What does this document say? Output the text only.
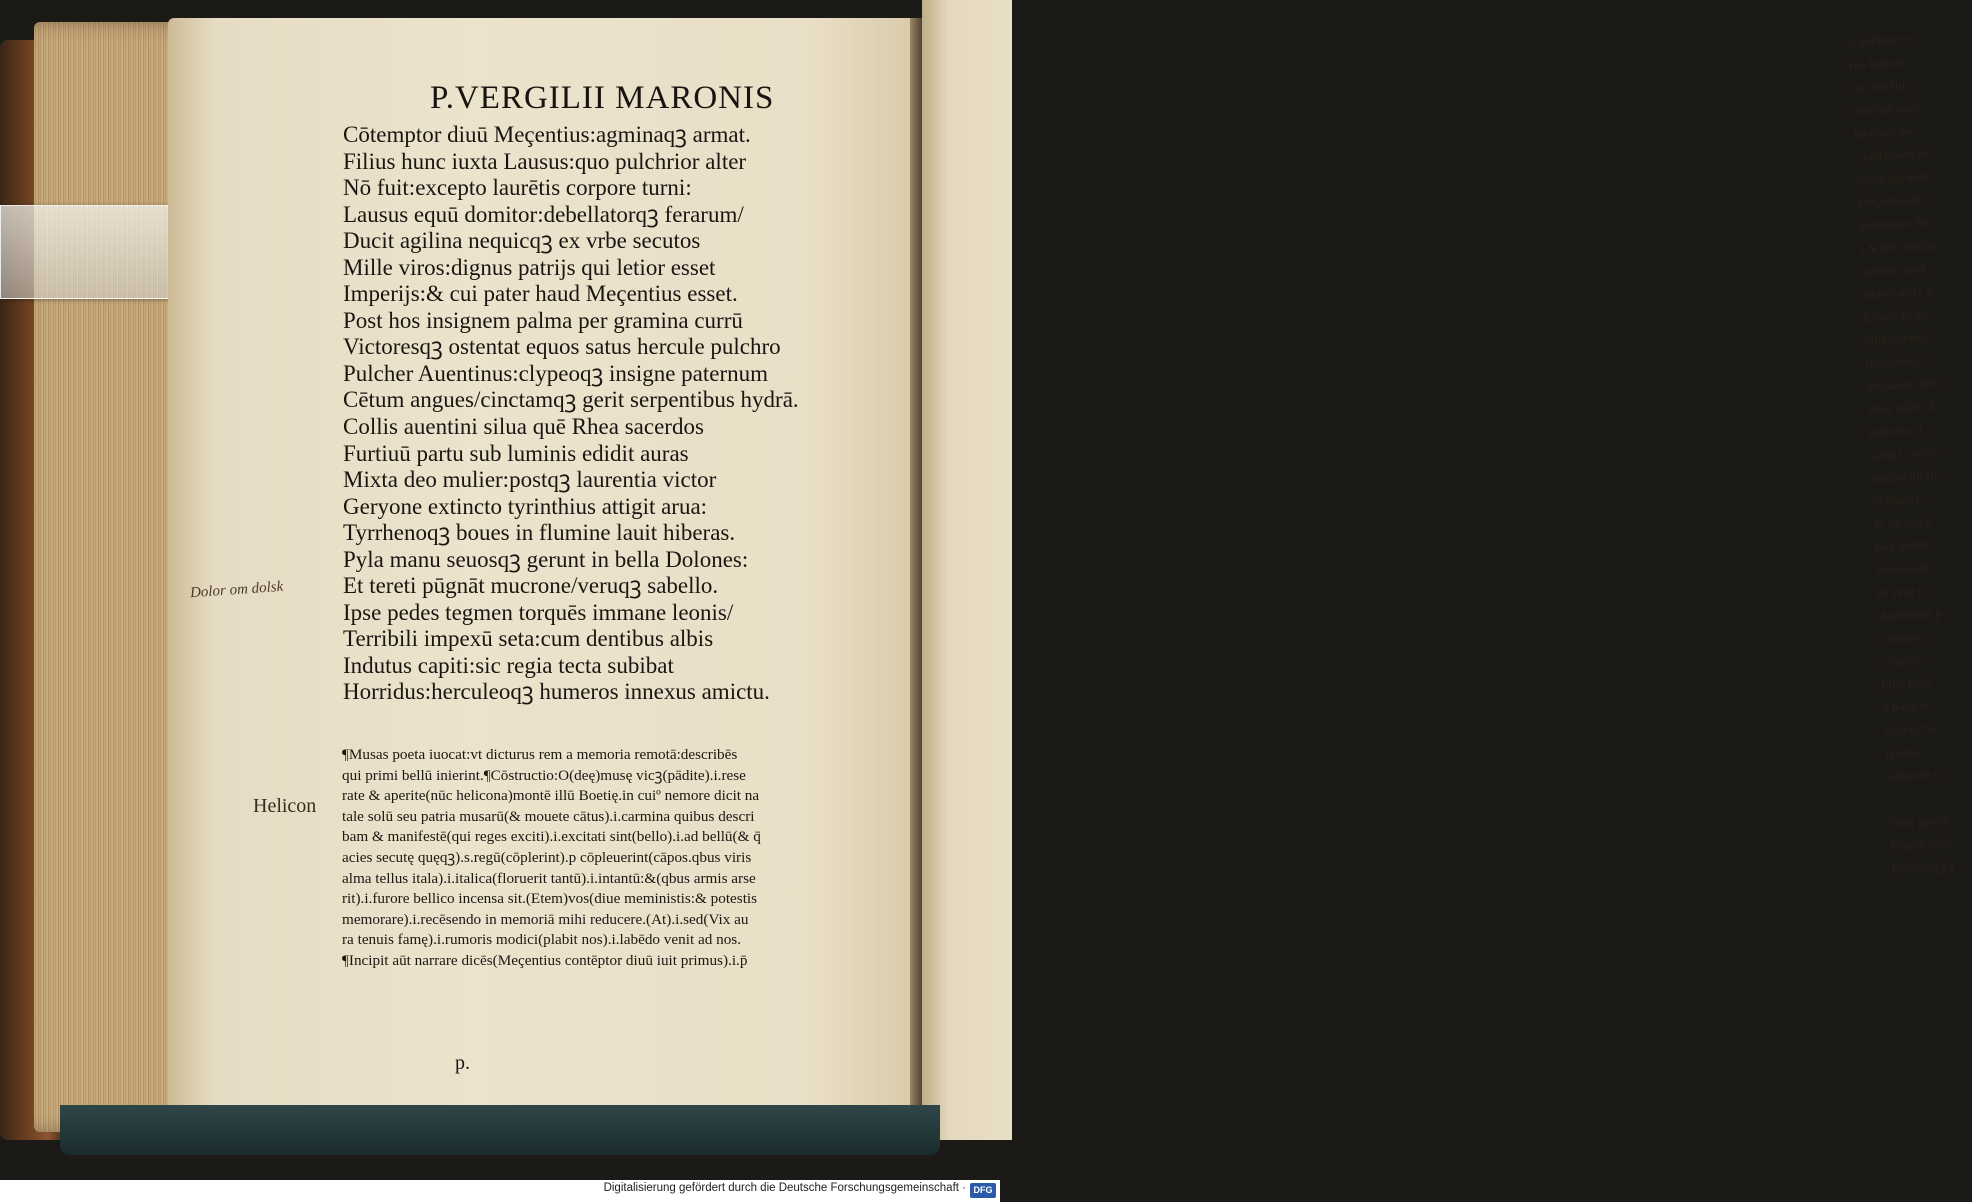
o bellum,ex
rus hetrusc
ter non fuit
domitor equi
iuentum pa
s bella.nam in
ignus qui esse
Meçentius)h
ontemptor dīu
s & decorus(sa
ostentat post
victoria(per g
ictores Et ge
ntis(paternū
rpentibus.C
sub auras lum
silua collis A
extincto).i.
(arua).i.italic
ranicas)in flu
la manu).
& sarisse n
pter indulo
dolose inf
& veru s
Auentinus p
i.sustine
i.implic
bilis indu
s tecta re
amictu he
quidec
adiacent:v
Tum gemin
Fratris tybu
Catillusqꝫ a
P.VERGILII MARONIS
Cōtemptor diuū Meçentius:agminaqꝫ armat.
Filius hunc iuxta Lausus:quo pulchrior alter
Nō fuit:excepto laurētis corpore turni:
Lausus equū domitor:debellatorqꝫ ferarum/
Ducit agilina nequicqꝫ ex vrbe secutos
Mille viros:dignus patrijs qui letior esset
Imperijs:& cui pater haud Meçentius esset.
Post hos insignem palma per gramina currū
Victoresqꝫ ostentat equos satus hercule pulchro
Pulcher Auentinus:clypeoqꝫ insigne paternum
Cētum angues/cinctamqꝫ gerit serpentibus hydrā.
Collis auentini silua quē Rhea sacerdos
Furtiuū partu sub luminis edidit auras
Mixta deo mulier:postqꝫ laurentia victor
Geryone extincto tyrinthius attigit arua:
Tyrrhenoqꝫ boues in flumine lauit hiberas.
Pyla manu seuosqꝫ gerunt in bella Dolones:
Et tereti pūgnāt mucrone/veruqꝫ sabello.
Ipse pedes tegmen torquēs immane leonis/
Terribili impexū seta:cum dentibus albis
Indutus capiti:sic regia tecta subibat
Horridus:herculeoqꝫ humeros innexus amictu.
Helicon
Dolor om dolsk
¶Musas poeta iuocat:vt dicturus rem a memoria remotā:describēs
qui primi bellū inierint.¶Cōstructio:O(deę)musę vicꝫ(pādite).i.rese
rate & aperite(nūc helicona)montē illū Boetię.in cuiº nemore dicit na
tale solū seu patria musarū(& mouete cātus).i.carmina quibus descri
bam & manifestē(qui reges exciti).i.excitati sint(bello).i.ad bellū(& q̄
acies secutę quęqꝫ).s.regū(cōplerint).p cōpleuerint(cāpos.qbus viris
alma tellus itala).i.italica(floruerit tantū).i.intantū:&(qbus armis arse
rit).i.furore bellico incensa sit.(Etem)vos(diue meministis:& potestis
memorare).i.recēsendo in memoriā mihi reducere.(At).i.sed(Vix au
ra tenuis famę).i.rumoris modici(plabit nos).i.labēdo venit ad nos.
¶Incipit aūt narrare dicēs(Meçentius contēptor diuū iuit primus).i.p̄
p.
Digitalisierung gefördert durch die Deutsche Forschungsgemeinschaft · DFG
